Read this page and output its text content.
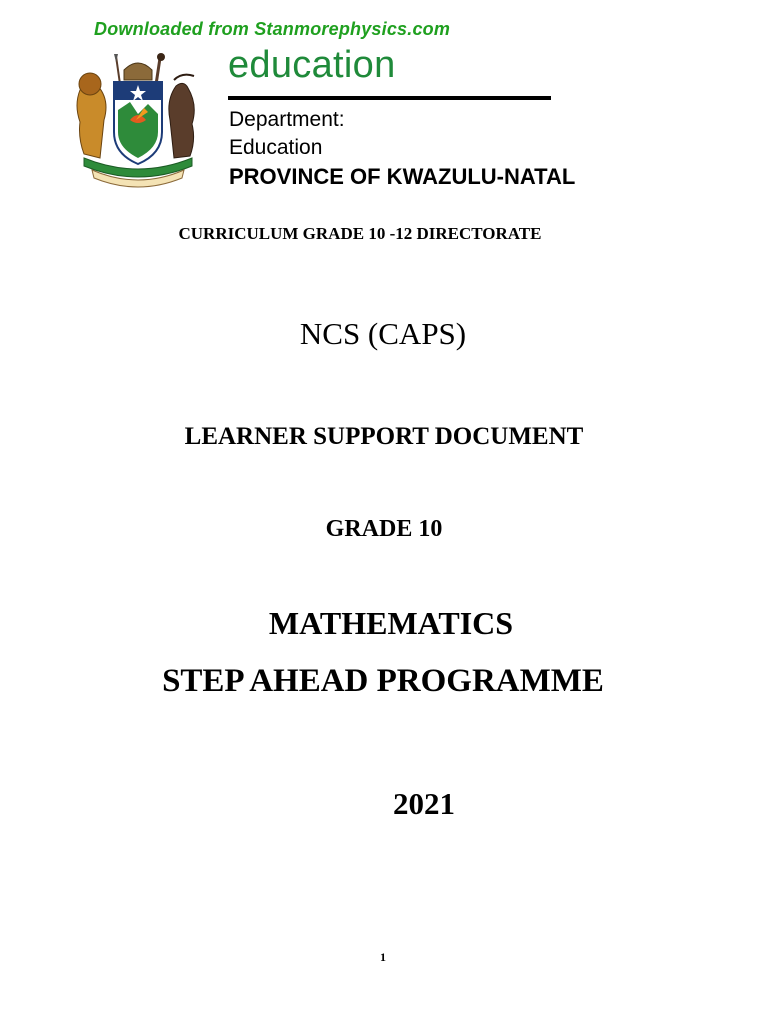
Downloaded from Stanmorephysics.com
education
Department:
Education
PROVINCE OF KWAZULU-NATAL
CURRICULUM GRADE 10 -12 DIRECTORATE
NCS (CAPS)
LEARNER SUPPORT DOCUMENT
GRADE 10
MATHEMATICS
STEP AHEAD PROGRAMME
2021
1
